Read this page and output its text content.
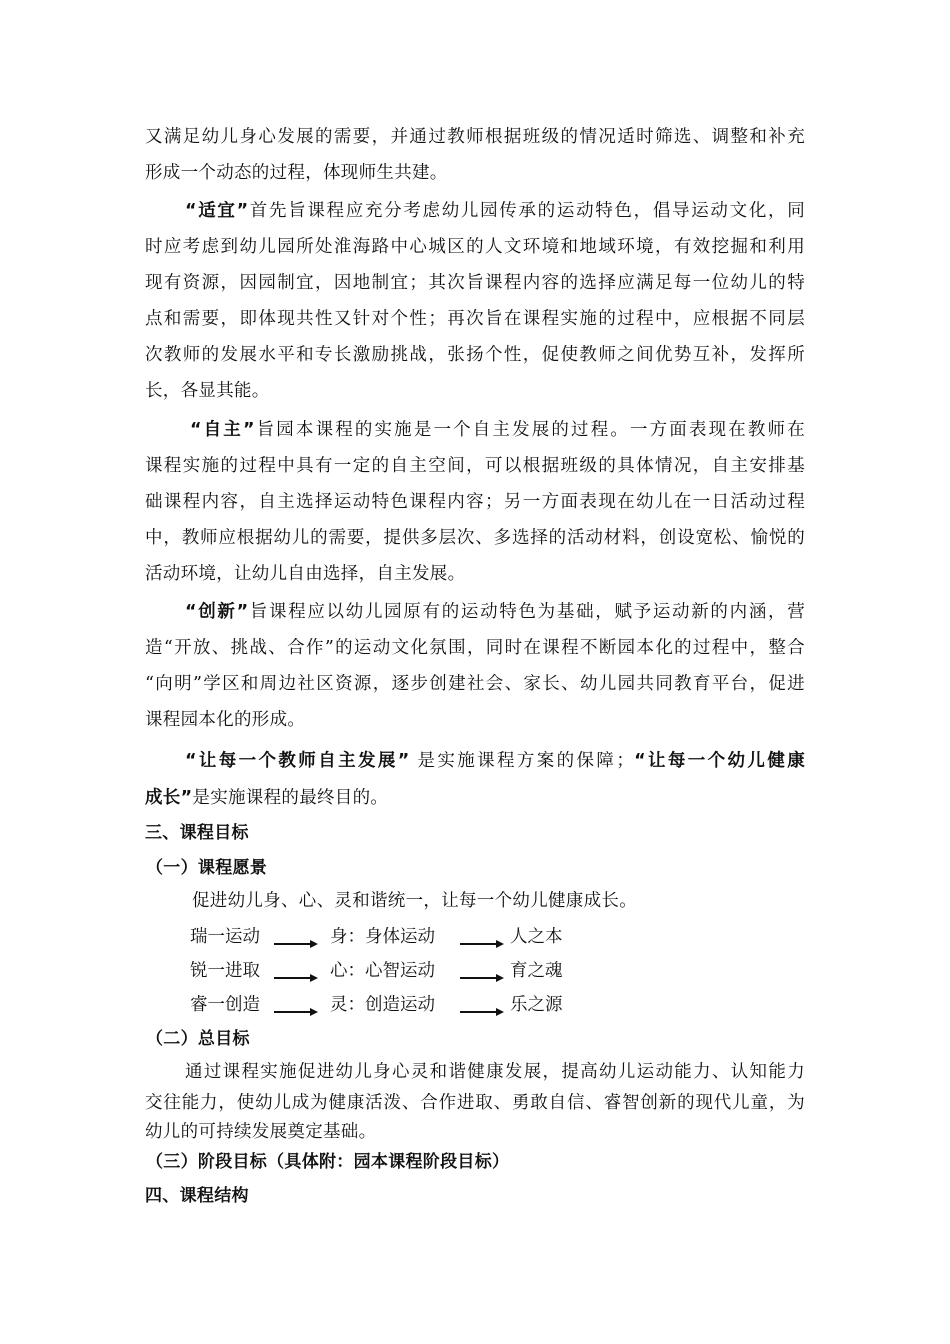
又满足幼儿身心发展的需要，并通过教师根据班级的情况适时筛选、调整和补充
形成一个动态的过程，体现师生共建。
“适宜”首先旨课程应充分考虑幼儿园传承的运动特色，倡导运动文化，同
时应考虑到幼儿园所处淮海路中心城区的人文环境和地域环境，有效挖掘和利用
现有资源，因园制宜，因地制宜；其次旨课程内容的选择应满足每一位幼儿的特
点和需要，即体现共性又针对个性；再次旨在课程实施的过程中，应根据不同层
次教师的发展水平和专长激励挑战，张扬个性，促使教师之间优势互补，发挥所
长，各显其能。
“自主”旨园本课程的实施是一个自主发展的过程。一方面表现在教师在
课程实施的过程中具有一定的自主空间，可以根据班级的具体情况，自主安排基
础课程内容，自主选择运动特色课程内容；另一方面表现在幼儿在一日活动过程
中，教师应根据幼儿的需要，提供多层次、多选择的活动材料，创设宽松、愉悦的
活动环境，让幼儿自由选择，自主发展。
“创新”旨课程应以幼儿园原有的运动特色为基础，赋予运动新的内涵，营
造“开放、挑战、合作”的运动文化氛围，同时在课程不断园本化的过程中，整合
“向明”学区和周边社区资源，逐步创建社会、家长、幼儿园共同教育平台，促进
课程园本化的形成。
“让每一个教师自主发展” 是实施课程方案的保障；“让每一个幼儿健康
成长”是实施课程的最终目的。
三、课程目标
（一）课程愿景
促进幼儿身、心、灵和谐统一，让每一个幼儿健康成长。
瑞一运动	身：身体运动	人之本
锐一进取	心：心智运动	育之魂
睿一创造	灵：创造运动	乐之源
（二）总目标
通过课程实施促进幼儿身心灵和谐健康发展，提高幼儿运动能力、认知能力
交往能力，使幼儿成为健康活泼、合作进取、勇敢自信、睿智创新的现代儿童，为
幼儿的可持续发展奠定基础。
（三）阶段目标（具体附：园本课程阶段目标）
四、课程结构
